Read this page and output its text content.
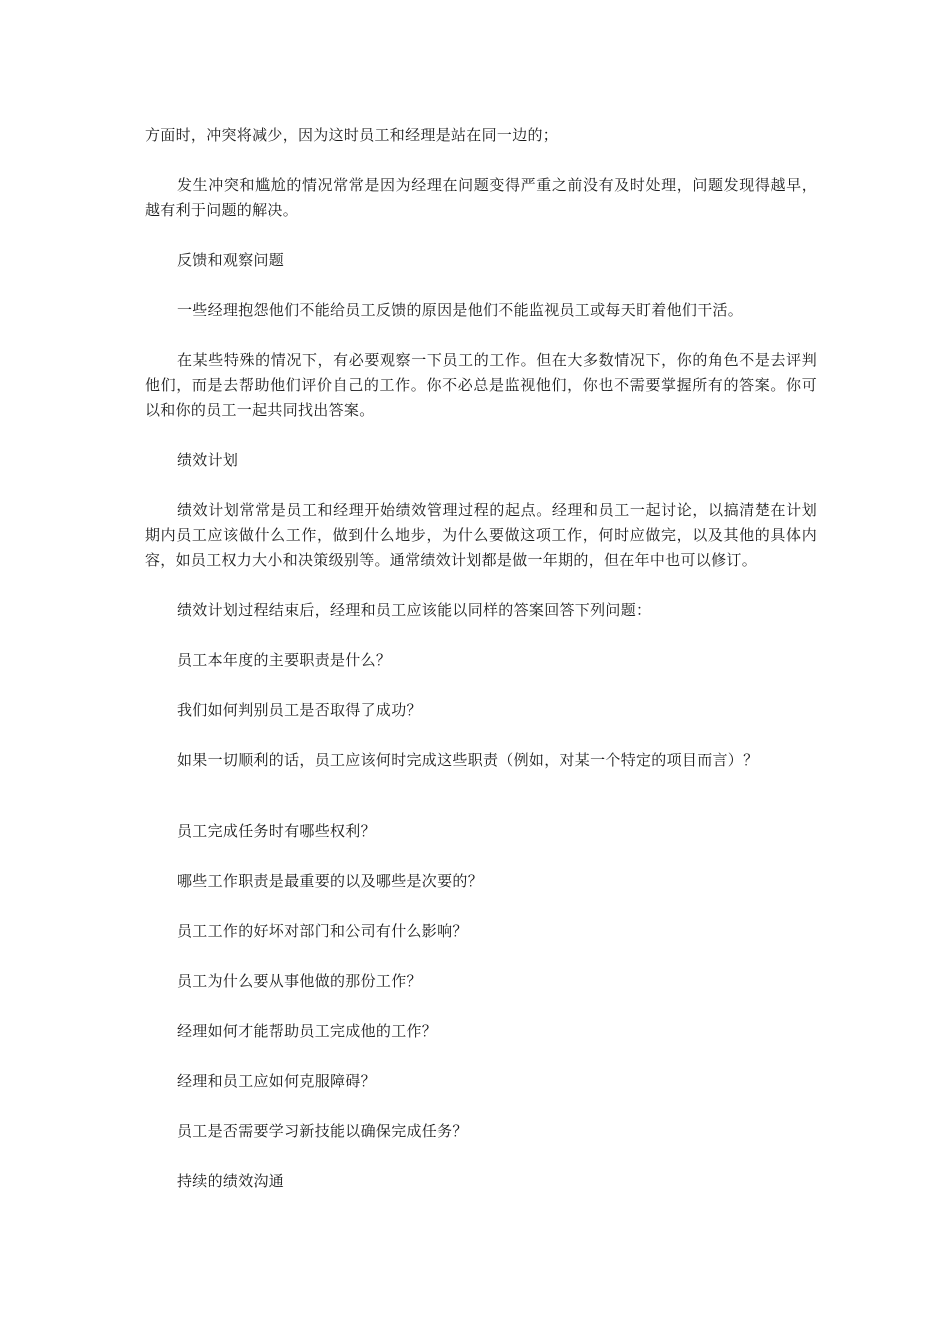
方面时，冲突将减少，因为这时员工和经理是站在同一边的；

发生冲突和尴尬的情况常常是因为经理在问题变得严重之前没有及时处理，问题发现得越早，越有利于问题的解决。

反馈和观察问题

一些经理抱怨他们不能给员工反馈的原因是他们不能监视员工或每天盯着他们干活。

在某些特殊的情况下，有必要观察一下员工的工作。但在大多数情况下，你的角色不是去评判他们，而是去帮助他们评价自己的工作。你不必总是监视他们，你也不需要掌握所有的答案。你可以和你的员工一起共同找出答案。

绩效计划

绩效计划常常是员工和经理开始绩效管理过程的起点。经理和员工一起讨论，以搞清楚在计划期内员工应该做什么工作，做到什么地步，为什么要做这项工作，何时应做完，以及其他的具体内容，如员工权力大小和决策级别等。通常绩效计划都是做一年期的，但在年中也可以修订。

绩效计划过程结束后，经理和员工应该能以同样的答案回答下列问题：

员工本年度的主要职责是什么？

我们如何判别员工是否取得了成功？

如果一切顺利的话，员工应该何时完成这些职责（例如，对某一个特定的项目而言）？

员工完成任务时有哪些权利？

哪些工作职责是最重要的以及哪些是次要的？

员工工作的好坏对部门和公司有什么影响？

员工为什么要从事他做的那份工作？

经理如何才能帮助员工完成他的工作？

经理和员工应如何克服障碍？

员工是否需要学习新技能以确保完成任务？

持续的绩效沟通
